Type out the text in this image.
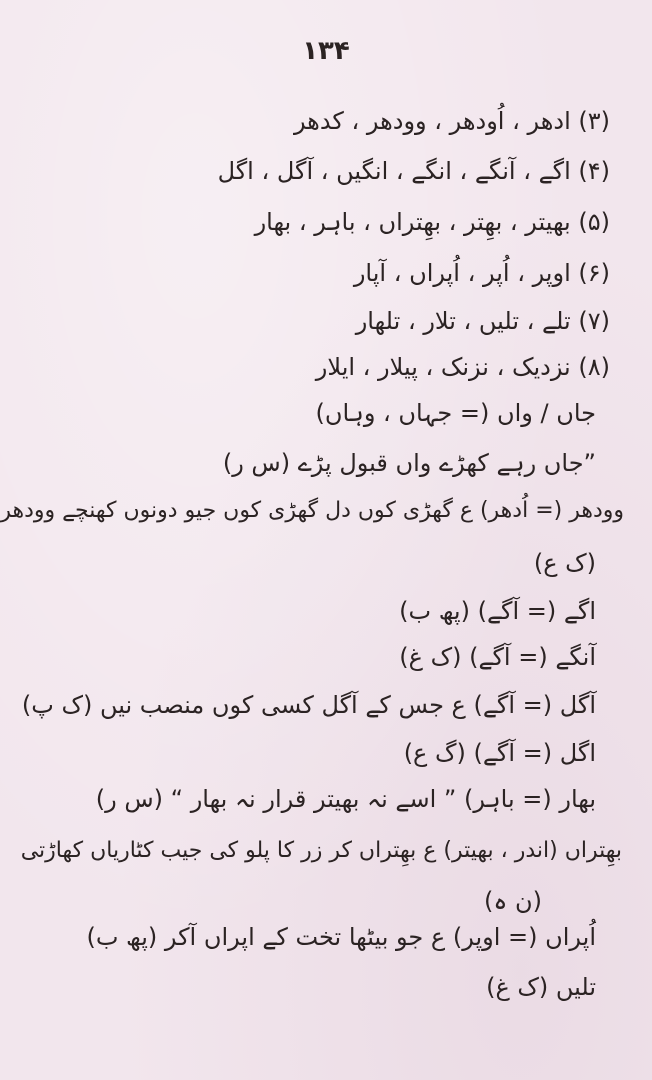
۱۳۴
(۳) ادھر ، اُودھر ، وودھر ، کدھر
(۴) اگے ، آنگے ، انگے ، انگیں ، آگل ، اگل
(۵) بھیتر ، بھِتر ، بھِتراں ، باہر ، بھار
(۶) اوپر ، اُپر ، اُپراں ، آپار
(۷) تلے ، تلیں ، تلار ، تلھار
(۸) نزدیک ، نزنک ، پیلار ، ایلار
جاں / واں (= جہاں ، وہاں)
”جاں رہے کھڑے واں قبول پڑے (س ر)
وودھر (= اُدھر) ع گھڑی کوں دل گھڑی کوں جیو دونوں کھنچے وودھر
(ک ع)
اگے (= آگے) (پھ ب)
آنگے (= آگے) (ک غ)
آگل (= آگے) ع جس کے آگل کسی کوں منصب نیں (ک پ)
اگل (= آگے) (گ ع)
بھار (= باہر) ” اسے نہ بھیتر قرار نہ بھار “ (س ر)
بھِتراں (اندر ، بھیتر) ع بھِتراں کر زر کا پلو کی جیب کٹاریاں کھاڑتی
(ن ہ)
اُپراں (= اوپر) ع جو بیٹھا تخت کے اپراں آکر (پھ ب)
تلیں (ک غ)
